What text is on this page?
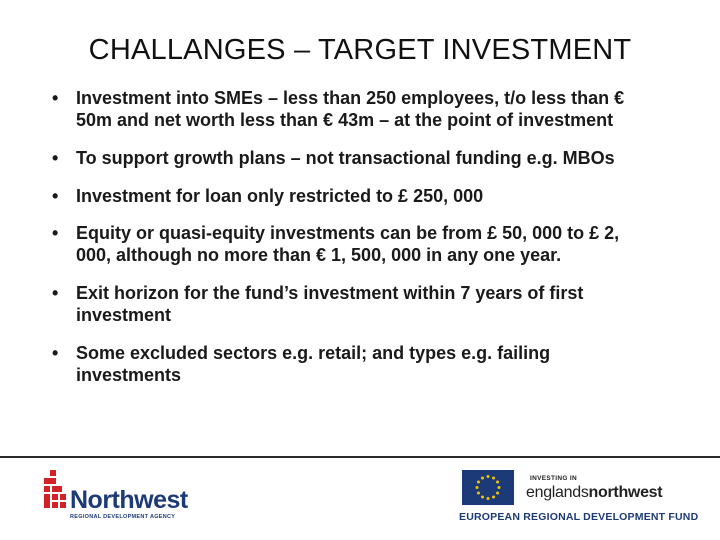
CHALLANGES – TARGET INVESTMENT
• Investment into SMEs – less than 250 employees, t/o less than € 50m and net worth less than € 43m – at the point of investment
• To support growth plans – not transactional funding e.g. MBOs
• Investment for loan only restricted to £ 250, 000
• Equity or quasi-equity investments can be from £ 50, 000 to £ 2, 000, although no more than € 1, 500, 000 in any one year.
• Exit horizon for the fund’s investment within 7 years of first investment
• Some excluded sectors e.g. retail; and types e.g. failing investments
Northwest
REGIONAL DEVELOPMENT AGENCY
INVESTING IN
englandsnorthwest
EUROPEAN REGIONAL DEVELOPMENT FUND
